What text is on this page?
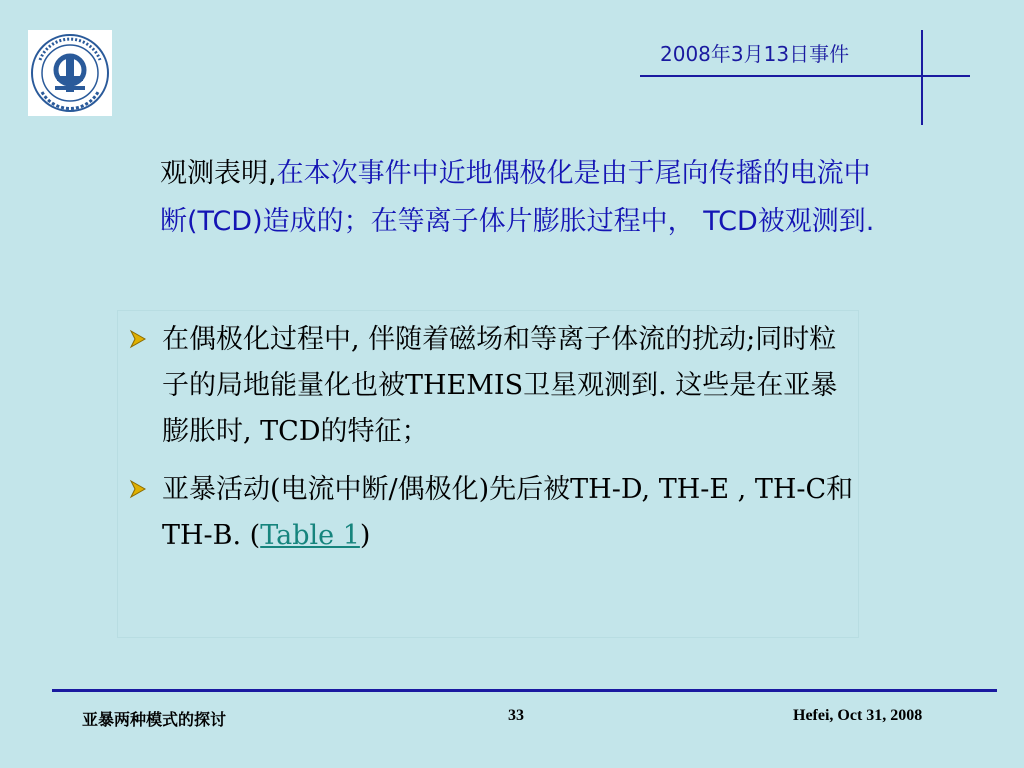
2008年3月13日事件
观测表明,在本次事件中近地偶极化是由于尾向传播的电流中断(TCD)造成的；在等离子体片膨胀过程中， TCD被观测到.
在偶极化过程中, 伴随着磁场和等离子体流的扰动;同时粒子的局地能量化也被THEMIS卫星观测到. 这些是在亚暴膨胀时, TCD的特征；
亚暴活动(电流中断/偶极化)先后被TH-D, TH-E , TH-C和TH-B. (Table 1)
亚暴两种模式的探讨	33	Hefei, Oct 31, 2008
